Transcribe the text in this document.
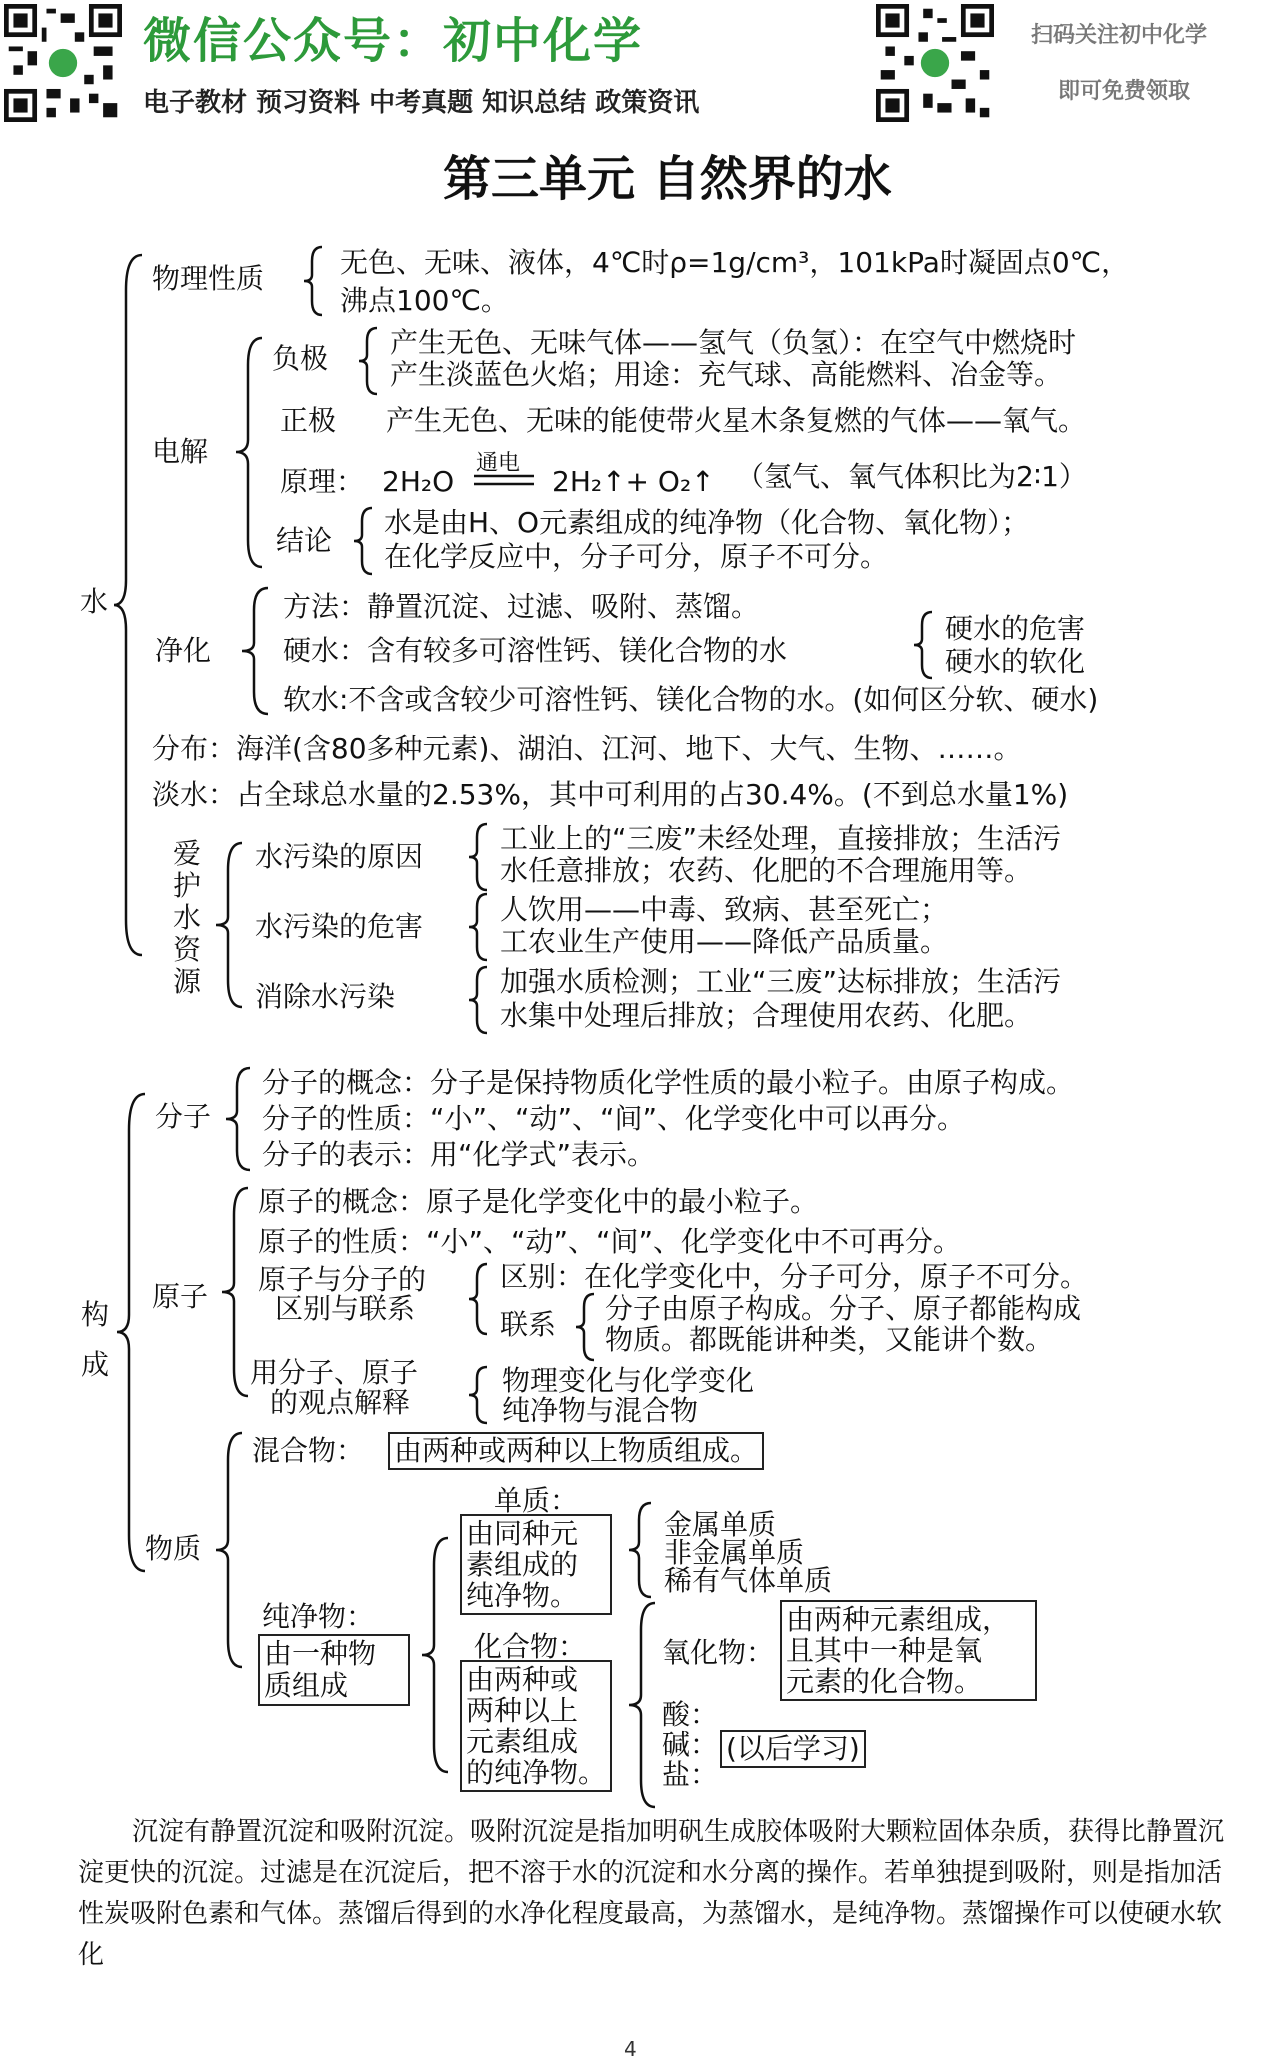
微信公众号：初中化学
电子教材 预习资料 中考真题 知识总结 政策资讯
扫码关注初中化学
即可免费领取
第三单元 自然界的水
水
物理性质	无色、无味、液体，4℃时ρ=1g/cm³，101kPa时凝固点0℃，
沸点100℃。
电解
负极 产生无色、无味气体——氢气（负氢）：在空气中燃烧时
产生淡蓝色火焰；用途：充气球、高能燃料、冶金等。
正极 产生无色、无味的能使带火星木条复燃的气体——氧气。
原理： 2H₂O
通电
2H₂↑+ O₂↑ （氢气、氧气体积比为2∶1）
结论
水是由H、O元素组成的纯净物（化合物、氧化物）；
在化学反应中，分子可分，原子不可分。
净化
方法：静置沉淀、过滤、吸附、蒸馏。
硬水：含有较多可溶性钙、镁化合物的水
硬水的危害
硬水的软化
软水:不含或含较少可溶性钙、镁化合物的水。(如何区分软、硬水)
分布：海洋(含80多种元素)、湖泊、江河、地下、大气、生物、……。
淡水：占全球总水量的2.53%，其中可利用的占30.4%。(不到总水量1%)
爱护水资源
水污染的原因
工业上的“三废”未经处理，直接排放；生活污
水任意排放；农药、化肥的不合理施用等。
水污染的危害
人饮用——中毒、致病、甚至死亡；
工农业生产使用——降低产品质量。
消除水污染	加强水质检测；工业“三废”达标排放；生活污
水集中处理后排放；合理使用农药、化肥。
构成
分子
分子的概念：分子是保持物质化学性质的最小粒子。由原子构成。
分子的性质：“小”、“动”、“间”、化学变化中可以再分。
分子的表示：用“化学式”表示。
原子
原子的概念：原子是化学变化中的最小粒子。
原子的性质：“小”、“动”、“间”、化学变化中不可再分。
原子与分子的
区别与联系
区别：在化学变化中，分子可分，原子不可分。
联系 分子由原子构成。分子、原子都能构成
物质。都既能讲种类，又能讲个数。
用分子、原子
的观点解释
物理变化与化学变化
纯净物与混合物
物质
混合物： 由两种或两种以上物质组成。
纯净物：
由一种物
质组成
单质：
由同种元
素组成的
纯净物。
金属单质
非金属单质
稀有气体单质
化合物：
由两种或
两种以上
元素组成
的纯净物。
氧化物：
由两种元素组成，
且其中一种是氧
元素的化合物。
酸：
碱：
盐：
(以后学习)
沉淀有静置沉淀和吸附沉淀。吸附沉淀是指加明矾生成胶体吸附大颗粒固体杂质，获得比静置沉
淀更快的沉淀。过滤是在沉淀后，把不溶于水的沉淀和水分离的操作。若单独提到吸附，则是指加活
性炭吸附色素和气体。蒸馏后得到的水净化程度最高，为蒸馏水，是纯净物。蒸馏操作可以使硬水软
化
4
